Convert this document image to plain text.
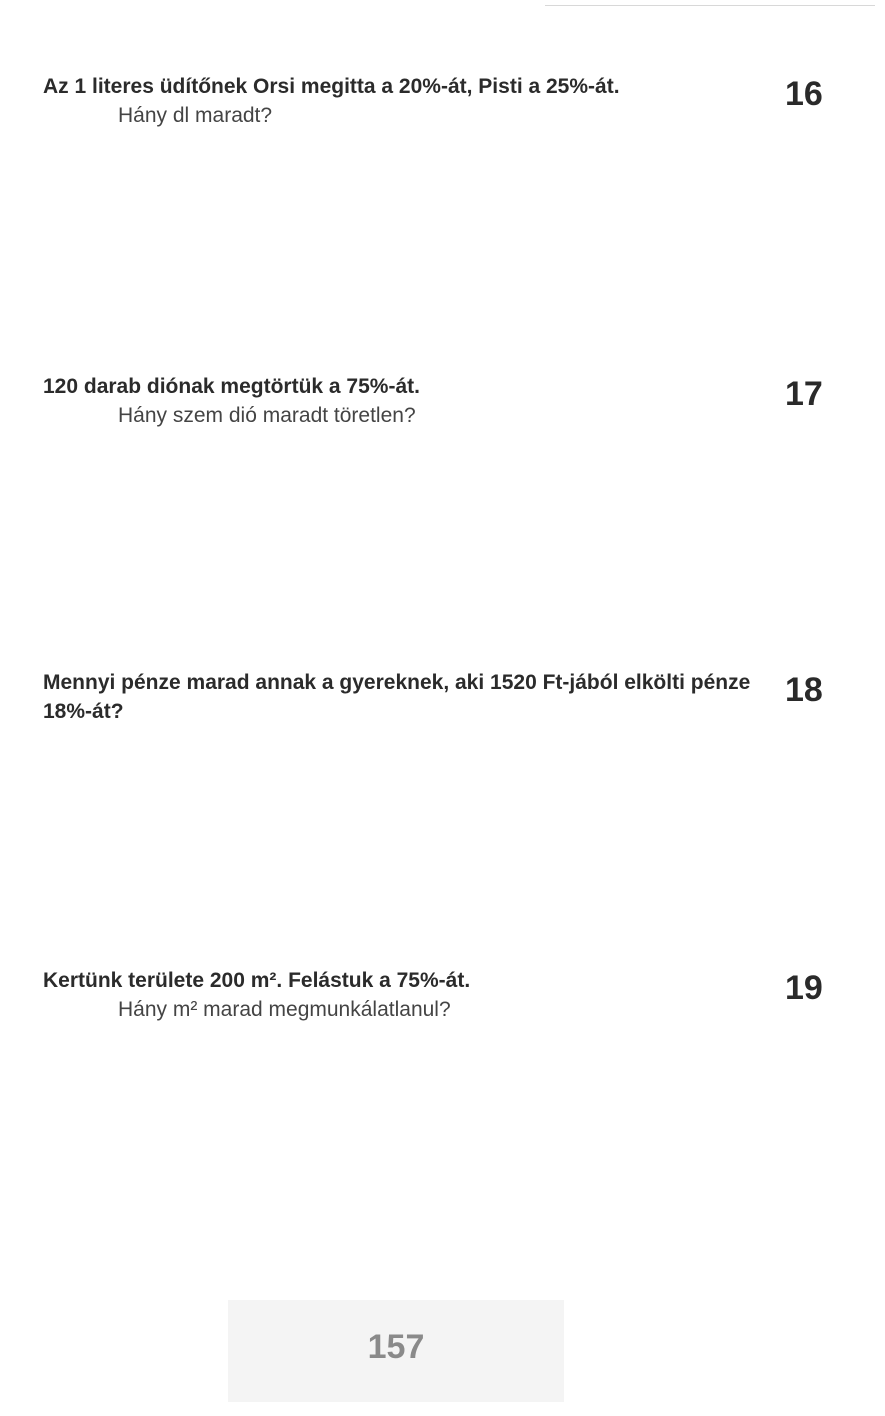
Az 1 literes üdítőnek Orsi megitta a 20%-át, Pisti a 25%-át.
Hány dl maradt?
16
120 darab diónak megtörtük a 75%-át.
Hány szem dió maradt töretlen?
17
Mennyi pénze marad annak a gyereknek, aki 1520 Ft-jából elkölti pénze 18%-át?
18
Kertünk területe 200 m². Felástuk a 75%-át.
Hány m² marad megmunkálatlanul?
19
157
